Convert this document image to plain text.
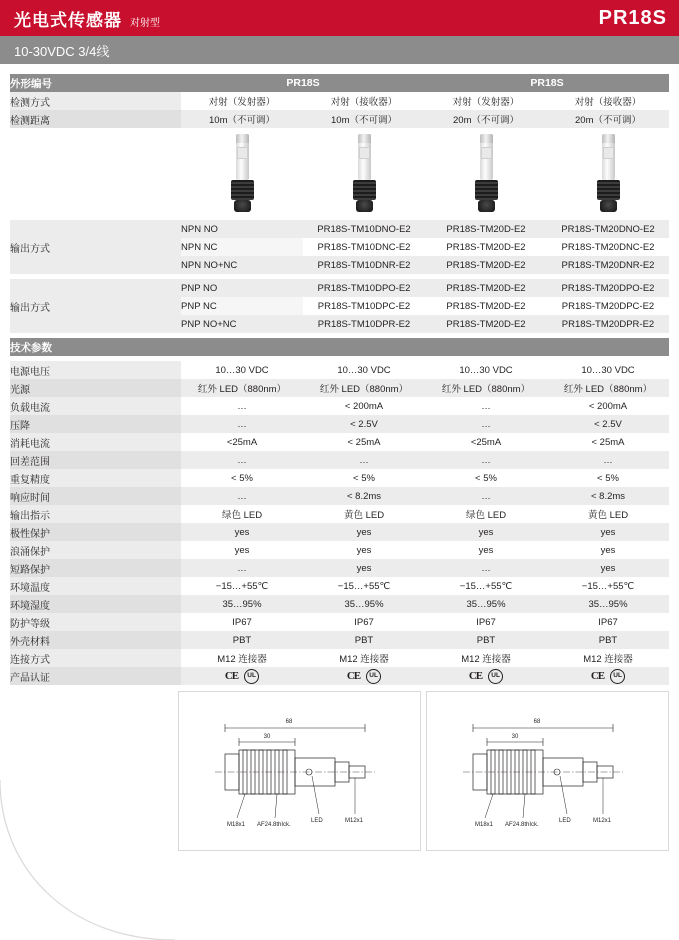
光电式传感器 对射型	PR18S
10-30VDC 3/4线
外形编号	PR18S		PR18S	
检测方式	对射（发射器）	对射（接收器）	对射（发射器）	对射（接收器）
检测距离	10m（不可调）	10m（不可调）	20m（不可调）	20m（不可调）

输出方式	NPN NO	PR18S-TM10DNO-E2	PR18S-TM20D-E2	PR18S-TM20DNO-E2
	NPN NC	PR18S-TM10DNC-E2	PR18S-TM20D-E2	PR18S-TM20DNC-E2
	NPN NO+NC	PR18S-TM10DNR-E2	PR18S-TM20D-E2	PR18S-TM20DNR-E2

输出方式	PNP NO	PR18S-TM10DPO-E2	PR18S-TM20D-E2	PR18S-TM20DPO-E2
	PNP NC	PR18S-TM10DPC-E2	PR18S-TM20D-E2	PR18S-TM20DPC-E2
	PNP NO+NC	PR18S-TM10DPR-E2	PR18S-TM20D-E2	PR18S-TM20DPR-E2

技术参数				

电源电压	10…30 VDC	10…30 VDC	10…30 VDC	10…30 VDC
光源	红外 LED（880nm）	红外 LED（880nm）	红外 LED（880nm）	红外 LED（880nm）
负载电流	…	< 200mA	…	< 200mA
压降	…	< 2.5V	…	< 2.5V
消耗电流	<25mA	< 25mA	<25mA	< 25mA
回差范围	…	…	…	…
重复精度	< 5%	< 5%	< 5%	< 5%
响应时间	…	< 8.2ms	…	< 8.2ms
输出指示	绿色 LED	黄色 LED	绿色 LED	黄色 LED
极性保护	yes	yes	yes	yes
浪涌保护	yes	yes	yes	yes
短路保护	…	yes	…	yes
环境温度	−15…+55℃	−15…+55℃	−15…+55℃	−15…+55℃
环境湿度	35…95%	35…95%	35…95%	35…95%
防护等级	IP67	IP67	IP67	IP67
外壳材料	PBT	PBT	PBT	PBT
连接方式	M12 连接器	M12 连接器	M12 连接器	M12 连接器
产品认证	CE UL	CE UL	CE UL	CE UL
68
30
M18x1 AF24.8thIck.
LED	M12x1
68
30
M18x1 AF24.8thIck.
LED	M12x1
